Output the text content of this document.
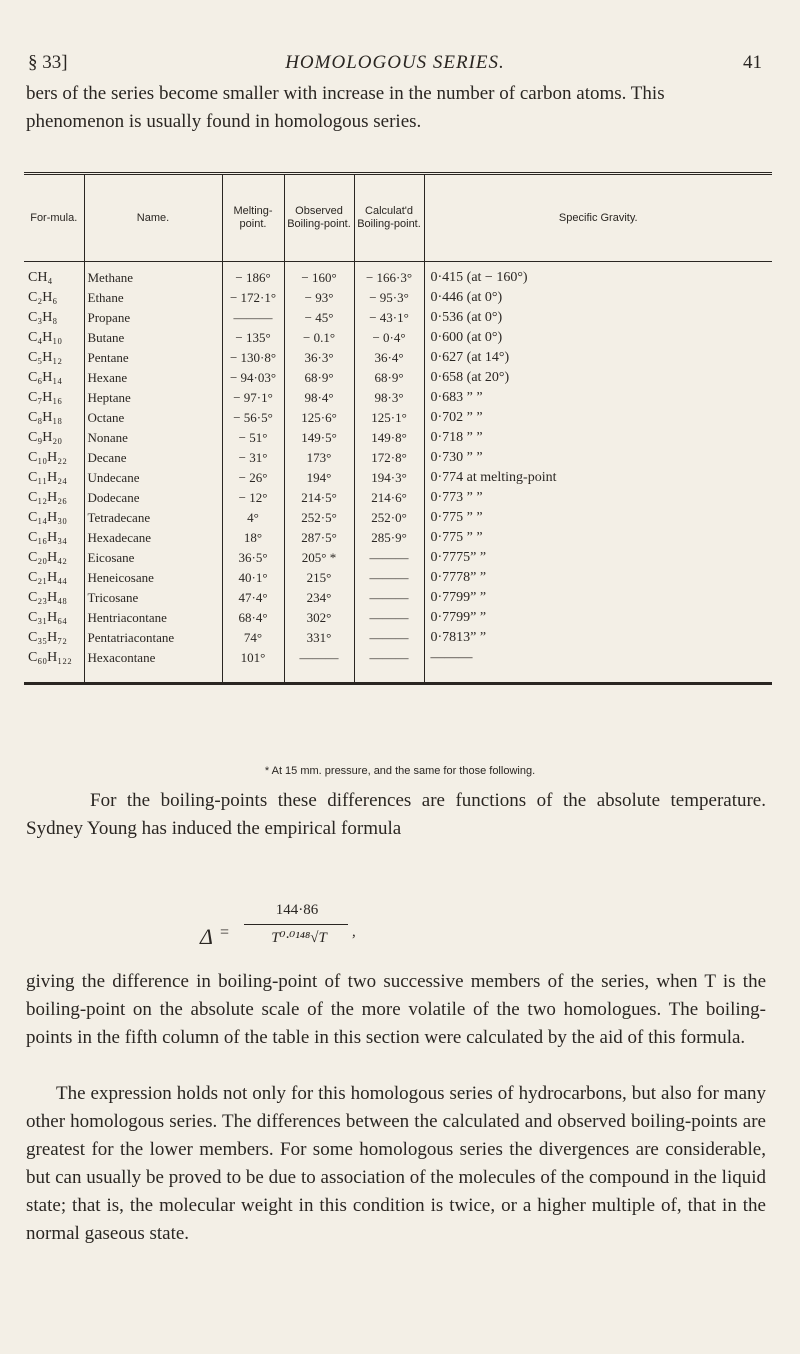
§ 33]	HOMOLOGOUS SERIES.	41

bers of the series become smaller with increase in the number of carbon atoms. This phenomenon is usually found in homologous series.

For-mula.	Name.	Melting-point.	Observed Boiling-point.	Calculat'd Boiling-point.	Specific Gravity.
CH₄	Methane	− 186°	− 160°	− 166·3°	0·415 (at − 160°)
C₂H₆	Ethane	− 172·1°	− 93°	− 95·3°	0·446 (at 0°)
C₃H₈	Propane	———	− 45°	− 43·1°	0·536 (at 0°)
C₄H₁₀	Butane	− 135°	− 0.1°	− 0·4°	0·600 (at 0°)
C₅H₁₂	Pentane	− 130·8°	36·3°	36·4°	0·627 (at 14°)
C₆H₁₄	Hexane	− 94·03°	68·9°	68·9°	0·658 (at 20°)
C₇H₁₆	Heptane	− 97·1°	98·4°	98·3°	0·683 ” ”
C₈H₁₈	Octane	− 56·5°	125·6°	125·1°	0·702 ” ”
C₉H₂₀	Nonane	− 51°	149·5°	149·8°	0·718 ” ”
C₁₀H₂₂	Decane	− 31°	173°	172·8°	0·730 ” ”
C₁₁H₂₄	Undecane	− 26°	194°	194·3°	0·774 at melting-point
C₁₂H₂₆	Dodecane	− 12°	214·5°	214·6°	0·773 ” ”
C₁₄H₃₀	Tetradecane	4°	252·5°	252·0°	0·775 ” ”
C₁₆H₃₄	Hexadecane	18°	287·5°	285·9°	0·775 ” ”
C₂₀H₄₂	Eicosane	36·5°	205° *	———	0·7775” ”
C₂₁H₄₄	Heneicosane	40·1°	215°	———	0·7778” ”
C₂₃H₄₈	Tricosane	47·4°	234°	———	0·7799” ”
C₃₁H₆₄	Hentriacontane	68·4°	302°	———	0·7799” ”
C₃₅H₇₂	Pentatriacontane	74°	331°	———	0·7813” ”
C₆₀H₁₂₂	Hexacontane	101°	———	———	———
* At 15 mm. pressure, and the same for those following.

For the boiling-points these differences are functions of the absolute temperature. Sydney Young has induced the empirical formula

Δ =
144·86
T⁰·⁰¹⁴⁸√T	,

giving the difference in boiling-point of two successive members of the series, when T is the boiling-point on the absolute scale of the more volatile of the two homologues. The boiling-points in the fifth column of the table in this section were calculated by the aid of this formula.

The expression holds not only for this homologous series of hydrocarbons, but also for many other homologous series. The differences between the calculated and observed boiling-points are greatest for the lower members. For some homologous series the divergences are considerable, but can usually be proved to be due to association of the molecules of the compound in the liquid state; that is, the molecular weight in this condition is twice, or a higher multiple of, that in the normal gaseous state.
